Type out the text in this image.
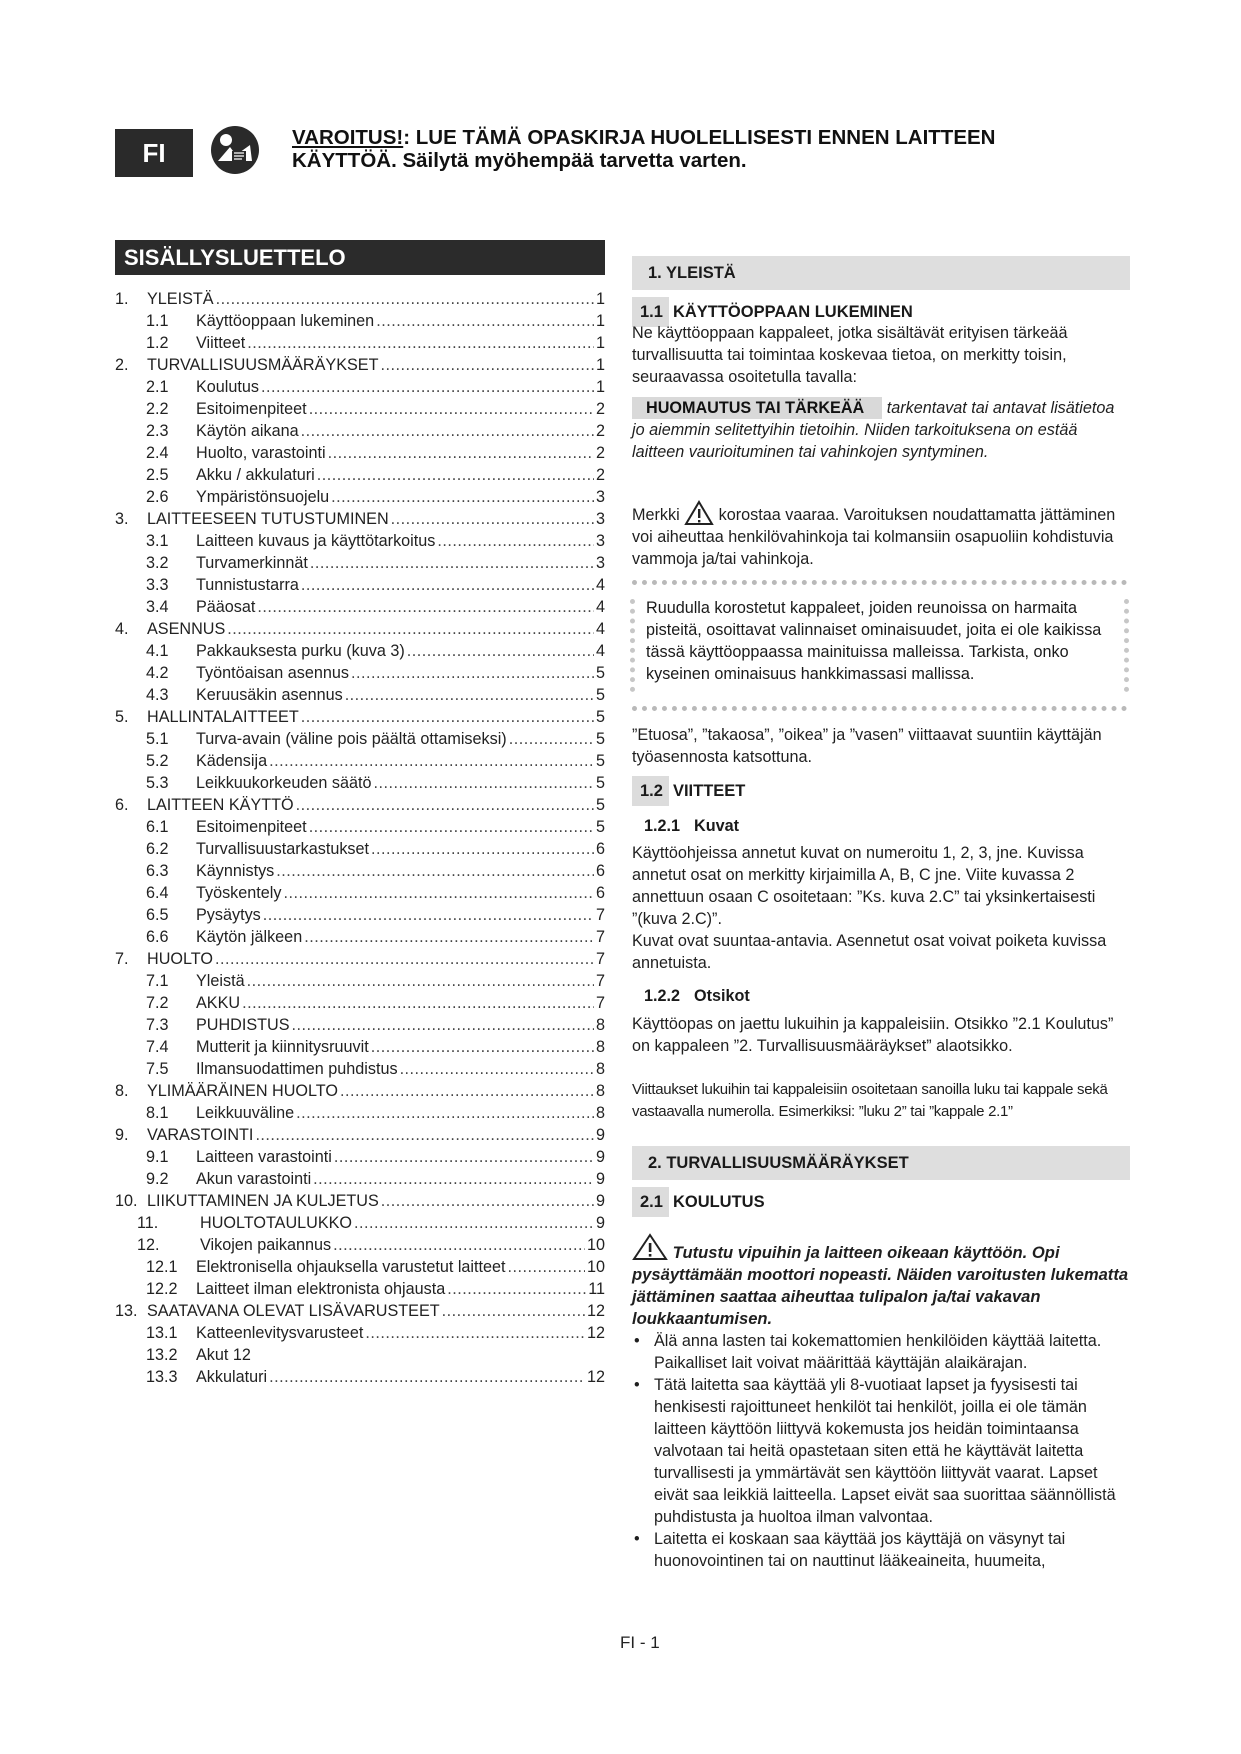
FI	VAROITUS!: LUE TÄMÄ OPASKIRJA HUOLELLISESTI ENNEN LAITTEEN
KÄYTTÖÄ. Säilytä myöhempää tarvetta varten.
SISÄLLYSLUETTELO
1.	YLEISTÄ .....	1
1.1	Käyttöoppaan lukeminen .....	1
1.2	Viitteet .....	1
2.	TURVALLISUUSMÄÄRÄYKSET .....	1
2.1	Koulutus .....	1
2.2	Esitoimenpiteet .....	2
2.3	Käytön aikana .....	2
2.4	Huolto, varastointi .....	2
2.5	Akku / akkulaturi .....	2
2.6	Ympäristönsuojelu .....	3
3.	LAITTEESEEN TUTUSTUMINEN .....	3
3.1	Laitteen kuvaus ja käyttötarkoitus .....	3
3.2	Turvamerkinnät .....	3
3.3	Tunnistustarra .....	4
3.4	Pääosat .....	4
4.	ASENNUS .....	4
4.1	Pakkauksesta purku (kuva 3) .....	4
4.2	Työntöaisan asennus .....	5
4.3	Keruusäkin asennus .....	5
5.	HALLINTALAITTEET .....	5
5.1	Turva-avain (väline pois päältä ottamiseksi) .....	5
5.2	Kädensija .....	5
5.3	Leikkuukorkeuden säätö .....	5
6.	LAITTEEN KÄYTTÖ .....	5
6.1	Esitoimenpiteet .....	5
6.2	Turvallisuustarkastukset .....	6
6.3	Käynnistys .....	6
6.4	Työskentely .....	6
6.5	Pysäytys .....	7
6.6	Käytön jälkeen .....	7
7.	HUOLTO .....	7
7.1	Yleistä .....	7
7.2	AKKU .....	7
7.3	PUHDISTUS .....	8
7.4	Mutterit ja kiinnitysruuvit .....	8
7.5	Ilmansuodattimen puhdistus .....	8
8.	YLIMÄÄRÄINEN HUOLTO .....	8
8.1	Leikkuuväline .....	8
9.	VARASTOINTI .....	9
9.1	Laitteen varastointi .....	9
9.2	Akun varastointi .....	9
10. LIIKUTTAMINEN JA KULJETUS .....	9
11.	HUOLTOTAULUKKO .....	9
12.	Vikojen paikannus .....	10
12.1	Elektronisella ohjauksella varustetut laitteet .....	10
12.2	Laitteet ilman elektronista ohjausta .....	11
13. SAATAVANA OLEVAT LISÄVARUSTEET .....	12
13.1	Katteenlevitysvarusteet .....	12
13.2	Akut 12
13.3	Akkulaturi .....	12
1. YLEISTÄ
1.1 KÄYTTÖOPPAAN LUKEMINEN

Ne käyttöoppaan kappaleet, jotka sisältävät erityisen tärkeää turvallisuutta tai toimintaa koskevaa tietoa, on merkitty toisin, seuraavassa osoitetulla tavalla:

HUOMAUTUS TAI TÄRKEÄÄ tarkentavat tai antavat lisätietoa jo aiemmin selitettyihin tietoihin. Niiden tarkoituksena on estää laitteen vaurioituminen tai vahinkojen syntyminen.

Merkki korostaa vaaraa. Varoituksen noudattamatta jättäminen voi aiheuttaa henkilövahinkoja tai kolmansiin osapuoliin kohdistuvia vammoja ja/tai vahinkoja.

Ruudulla korostetut kappaleet, joiden reunoissa on harmaita pisteitä, osoittavat valinnaiset ominaisuudet, joita ei ole kaikissa tässä käyttöoppaassa mainituissa malleissa. Tarkista, onko kyseinen ominaisuus hankkimassasi mallissa.

”Etuosa”, ”takaosa”, ”oikea” ja ”vasen” viittaavat suuntiin käyttäjän työasennosta katsottuna.

1.2 VIITTEET
1.2.1 Kuvat

Käyttöohjeissa annetut kuvat on numeroitu 1, 2, 3, jne. Kuvissa annetut osat on merkitty kirjaimilla A, B, C jne. Viite kuvassa 2 annettuun osaan C osoitetaan: ”Ks. kuva 2.C” tai yksinkertaisesti ”(kuva 2.C)”.

Kuvat ovat suuntaa-antavia. Asennetut osat voivat poiketa kuvissa annetuista.

1.2.2 Otsikot

Käyttöopas on jaettu lukuihin ja kappaleisiin. Otsikko ”2.1 Koulutus” on kappaleen ”2. Turvallisuusmääräykset” alaotsikko.

Viittaukset lukuihin tai kappaleisiin osoitetaan sanoilla luku tai kappale sekä vastaavalla numerolla. Esimerkiksi: ”luku 2” tai ”kappale 2.1”

2. TURVALLISUUSMÄÄRÄYKSET
2.1 KOULUTUS

Tutustu vipuihin ja laitteen oikeaan käyttöön. Opi pysäyttämään moottori nopeasti. Näiden varoitusten lukematta jättäminen saattaa aiheuttaa tulipalon ja/tai vakavan loukkaantumisen.

• Älä anna lasten tai kokemattomien henkilöiden käyttää laitetta. Paikalliset lait voivat määrittää käyttäjän alaikärajan.

• Tätä laitetta saa käyttää yli 8-vuotiaat lapset ja fyysisesti tai henkisesti rajoittuneet henkilöt tai henkilöt, joilla ei ole tämän laitteen käyttöön liittyvä kokemusta jos heidän toimintaansa valvotaan tai heitä opastetaan siten että he käyttävät laitetta turvallisesti ja ymmärtävät sen käyttöön liittyvät vaarat. Lapset eivät saa leikkiä laitteella. Lapset eivät saa suorittaa säännöllistä puhdistusta ja huoltoa ilman valvontaa.

• Laitetta ei koskaan saa käyttää jos käyttäjä on väsynyt tai huonovointinen tai on nauttinut lääkeaineita, huumeita,

FI - 1
